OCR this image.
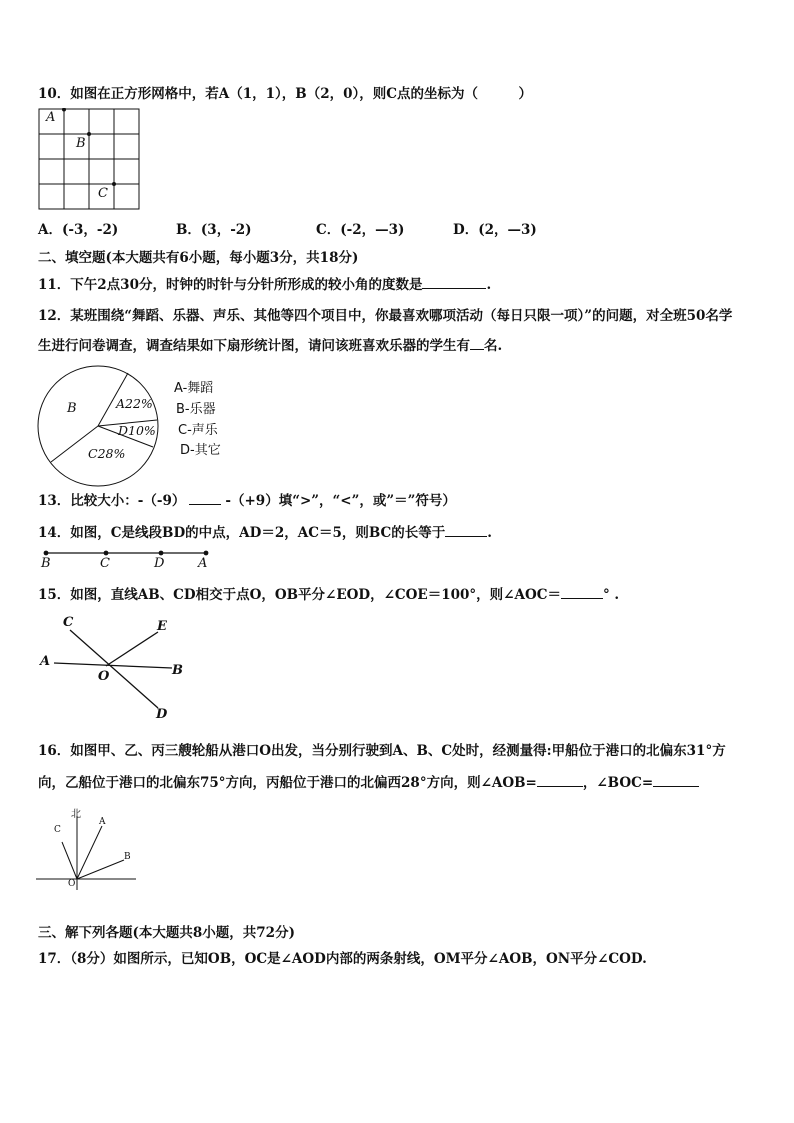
10．如图在正方形网格中，若A（1，1），B（2，0），则C点的坐标为（　　　）
A
B
C
A．(-3，-2)	B．(3，-2)	C．(-2，—3)	D．(2，—3)
二、填空题(本大题共有6小题，每小题3分，共18分)
11．下午2点30分，时钟的时针与分针所形成的较小角的度数是	.
12．某班围绕“舞蹈、乐器、声乐、其他等四个项目中，你最喜欢哪项活动（每日只限一项）”的问题，对全班50名学
生进行问卷调查，调查结果如下扇形统计图，请问该班喜欢乐器的学生有 名.
B	A22%
D10%
C28%
A-舞蹈
B-乐器
C-声乐
D-其它
13．比较大小：-（-9）	-（+9）填“>”，“<”，或”＝”符号）
14．如图，C是线段BD的中点，AD＝2，AC＝5，则BC的长等于	.
B	C	D	A
15．如图，直线AB、CD相交于点O，OB平分∠EOD，∠COE＝100°，则∠AOC＝	° .
C	E
A
O	B
D
16．如图甲、乙、丙三艘轮船从港口O出发，当分别行驶到A、B、C处时，经测量得:甲船位于港口的北偏东31°方
向，乙船位于港口的北偏东75°方向，丙船位于港口的北偏西28°方向，则∠AOB=	，∠BOC=
北
C
A
B
O
三、解下列各题(本大题共8小题，共72分)
17．（8分）如图所示，已知OB，OC是∠AOD内部的两条射线，OM平分∠AOB，ON平分∠COD.
